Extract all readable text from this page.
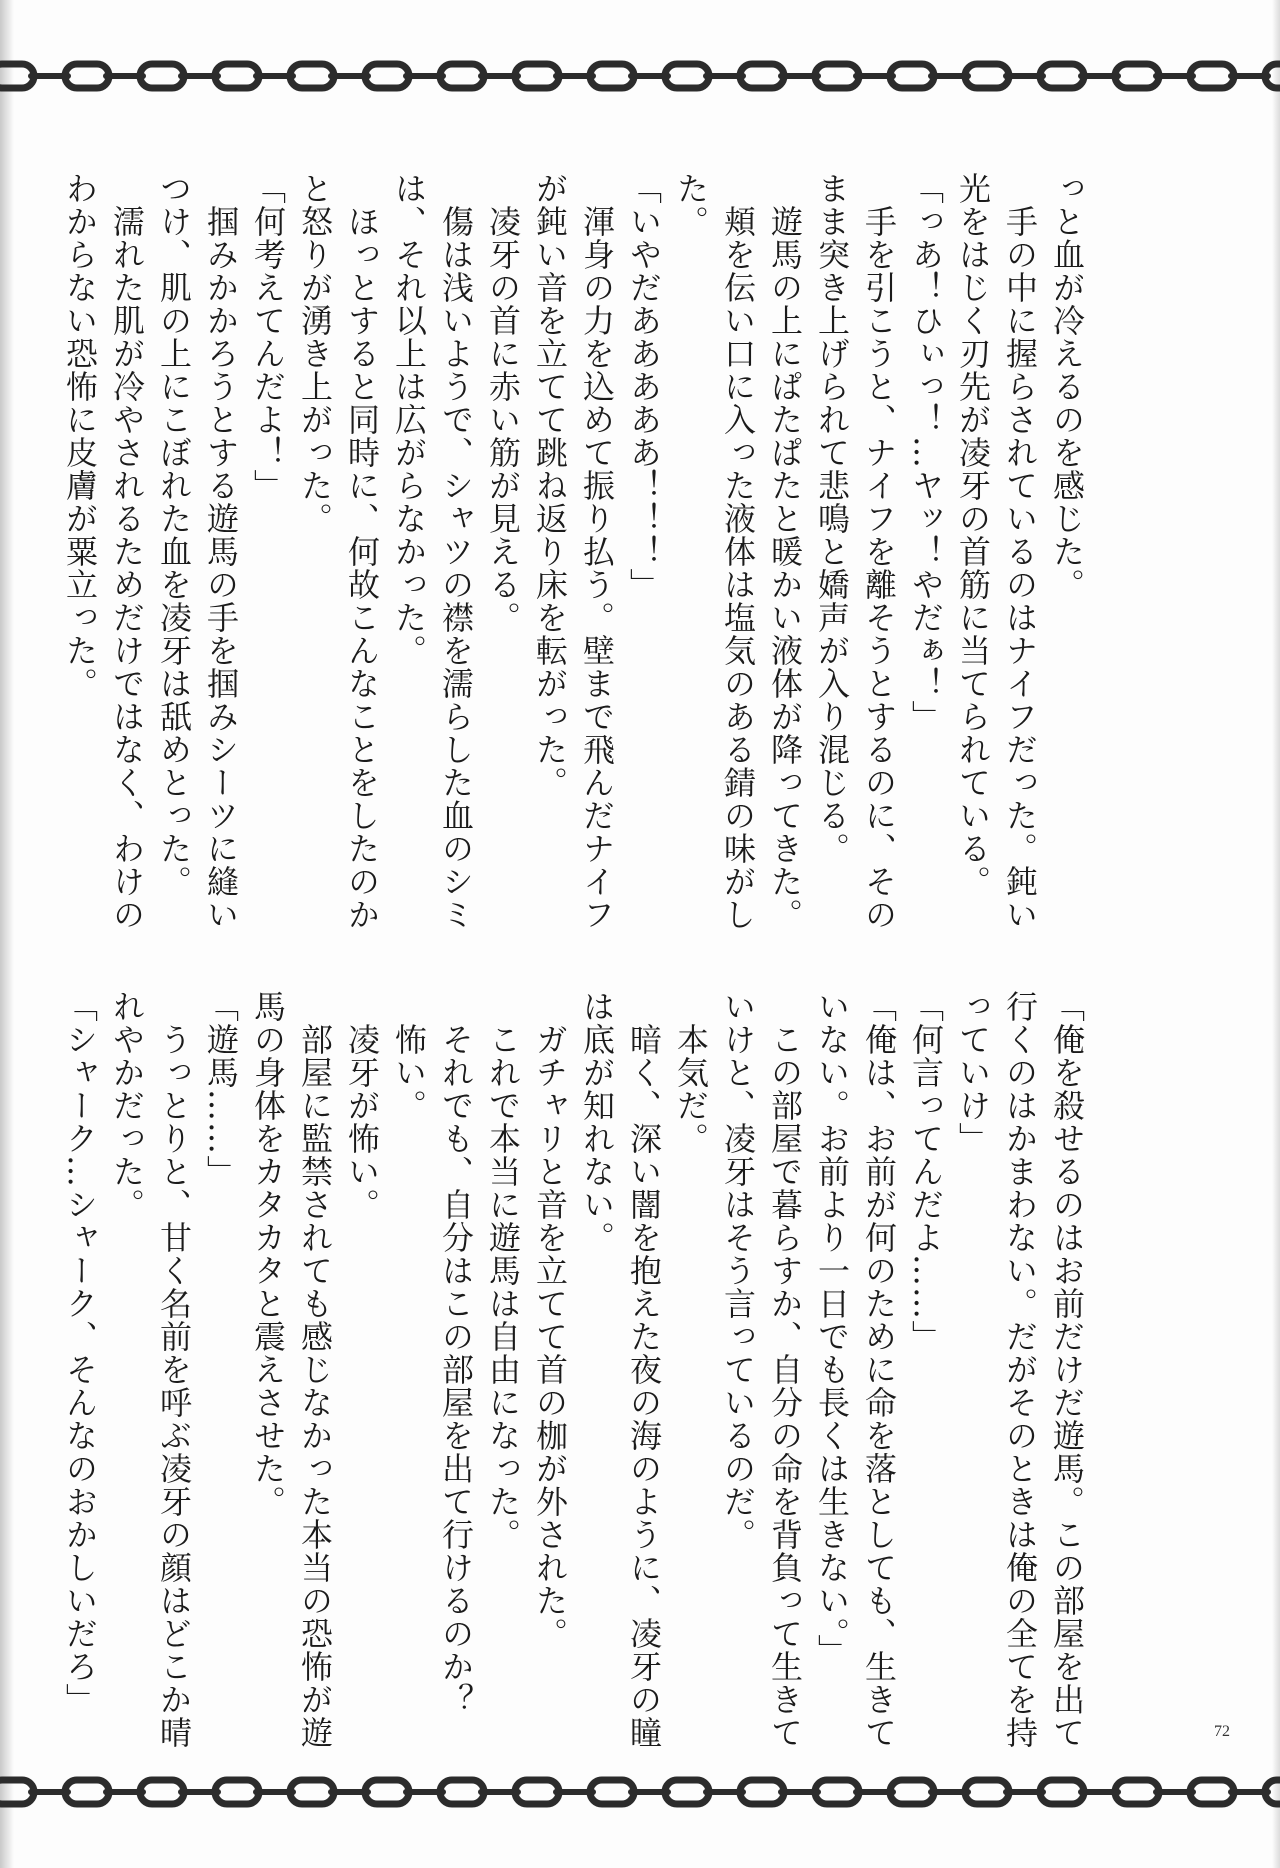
っと血が冷えるのを感じた。
　手の中に握らされているのはナイフだった。鈍い
光をはじく刃先が凌牙の首筋に当てられている。
「っあ！ひぃっ！…ヤッ！やだぁ！」
　手を引こうと、ナイフを離そうとするのに、その
まま突き上げられて悲鳴と嬌声が入り混じる。
　遊馬の上にぱたぱたと暖かい液体が降ってきた。
　頬を伝い口に入った液体は塩気のある錆の味がし
た。
「いやだあああああ！！！」
　渾身の力を込めて振り払う。壁まで飛んだナイフ
が鈍い音を立てて跳ね返り床を転がった。
　凌牙の首に赤い筋が見える。
　傷は浅いようで、シャツの襟を濡らした血のシミ
は、それ以上は広がらなかった。
　ほっとすると同時に、何故こんなことをしたのか
と怒りが湧き上がった。
「何考えてんだよ！」
　掴みかかろうとする遊馬の手を掴みシーツに縫い
つけ、肌の上にこぼれた血を凌牙は舐めとった。
　濡れた肌が冷やされるためだけではなく、わけの
わからない恐怖に皮膚が粟立った。
「俺を殺せるのはお前だけだ遊馬。この部屋を出て
行くのはかまわない。だがそのときは俺の全てを持
っていけ」
「何言ってんだよ……」
「俺は、お前が何のために命を落としても、生きて
いない。お前より一日でも長くは生きない。」
　この部屋で暮らすか、自分の命を背負って生きて
いけと、凌牙はそう言っているのだ。
　本気だ。
　暗く、深い闇を抱えた夜の海のように、凌牙の瞳
は底が知れない。
　ガチャリと音を立てて首の枷が外された。
　これで本当に遊馬は自由になった。
　それでも、自分はこの部屋を出て行けるのか？
　怖い。
　凌牙が怖い。
　部屋に監禁されても感じなかった本当の恐怖が遊
馬の身体をカタカタと震えさせた。
「遊馬……」
　うっとりと、甘く名前を呼ぶ凌牙の顔はどこか晴
れやかだった。
「シャーク…シャーク、そんなのおかしいだろ」
72
